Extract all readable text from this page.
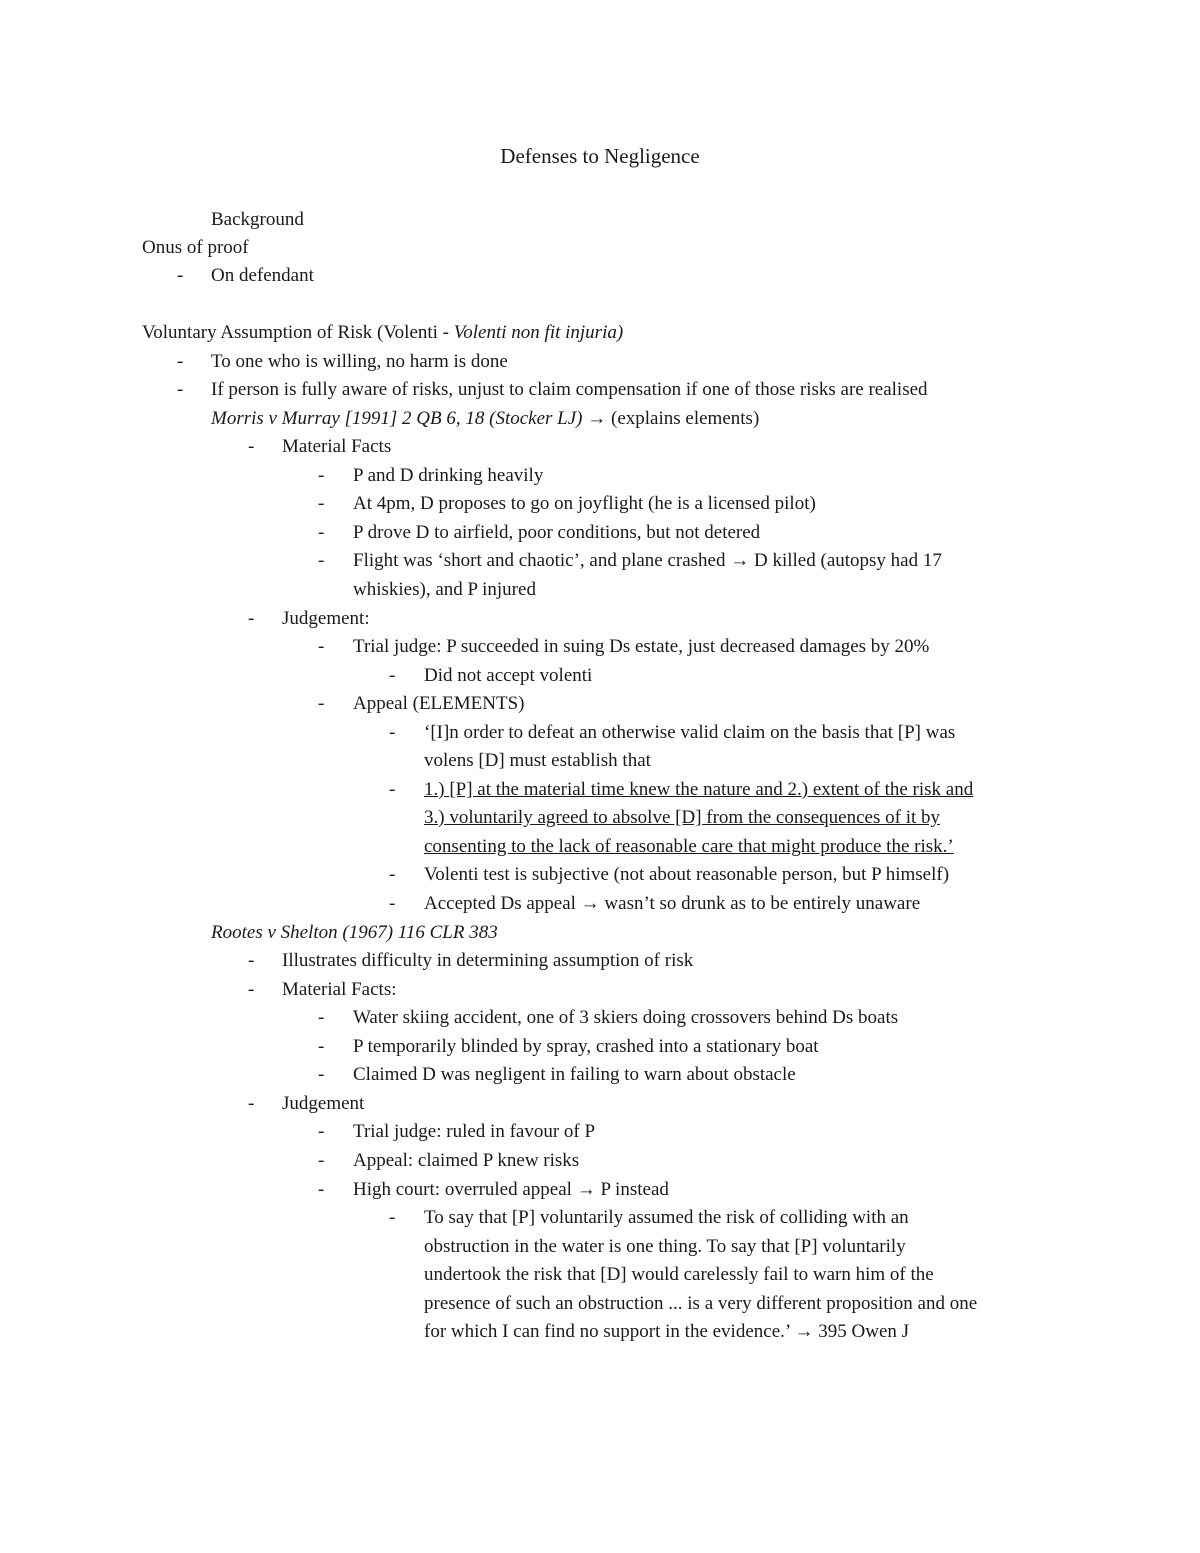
Defenses to Negligence

Background

Onus of proof

- On defendant

Voluntary Assumption of Risk (Volenti - Volenti non fit injuria)

- To one who is willing, no harm is done

- If person is fully aware of risks, unjust to claim compensation if one of those risks are realised

Morris v Murray [1991] 2 QB 6, 18 (Stocker LJ) → (explains elements)

- Material Facts

- P and D drinking heavily

- At 4pm, D proposes to go on joyflight (he is a licensed pilot)

- P drove D to airfield, poor conditions, but not detered

- Flight was ‘short and chaotic’, and plane crashed → D killed (autopsy had 17

whiskies), and P injured

- Judgement:

- Trial judge: P succeeded in suing Ds estate, just decreased damages by 20%

- Did not accept volenti

- Appeal (ELEMENTS)

- ‘[I]n order to defeat an otherwise valid claim on the basis that [P] was

volens [D] must establish that

- 1.) [P] at the material time knew the nature and 2.) extent of the risk and

3.) voluntarily agreed to absolve [D] from the consequences of it by

consenting to the lack of reasonable care that might produce the risk.’

- Volenti test is subjective (not about reasonable person, but P himself)

- Accepted Ds appeal → wasn’t so drunk as to be entirely unaware

Rootes v Shelton (1967) 116 CLR 383

- Illustrates difficulty in determining assumption of risk

- Material Facts:

- Water skiing accident, one of 3 skiers doing crossovers behind Ds boats

- P temporarily blinded by spray, crashed into a stationary boat

- Claimed D was negligent in failing to warn about obstacle

- Judgement

- Trial judge: ruled in favour of P

- Appeal: claimed P knew risks

- High court: overruled appeal → P instead

- To say that [P] voluntarily assumed the risk of colliding with an

obstruction in the water is one thing. To say that [P] voluntarily

undertook the risk that [D] would carelessly fail to warn him of the

presence of such an obstruction ... is a very different proposition and one

for which I can find no support in the evidence.’ → 395 Owen J
